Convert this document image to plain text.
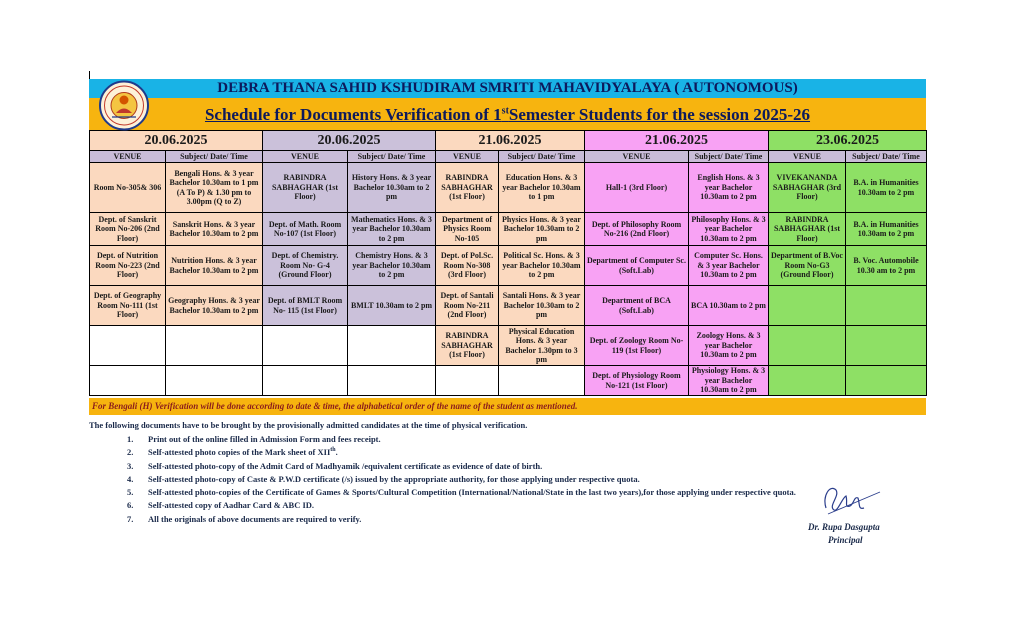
DEBRA THANA SAHID KSHUDIRAM SMRITI MAHAVIDYALAYA ( AUTONOMOUS)
Schedule for Documents Verification of 1stSemester Students for the session 2025-26
20.06.2025		20.06.2025		21.06.2025		21.06.2025		23.06.2025	
VENUE	Subject/ Date/ Time	VENUE	Subject/ Date/ Time	VENUE	Subject/ Date/ Time	VENUE	Subject/ Date/ Time	VENUE	Subject/ Date/ Time
Room No-305& 306	Bengali Hons. & 3 year Bachelor 10.30am to 1 pm (A To P) & 1.30 pm to 3.00pm (Q to Z)	RABINDRA SABHAGHAR (1st Floor)	History Hons. & 3 year Bachelor 10.30am to 2 pm	RABINDRA SABHAGHAR (1st Floor)	Education Hons. & 3 year Bachelor 10.30am to 1 pm	Hall-1 (3rd Floor)	English Hons. & 3 year Bachelor 10.30am to 2 pm	VIVEKANANDA SABHAGHAR (3rd Floor)	B.A. in Humanities 10.30am to 2 pm
Dept. of Sanskrit Room No-206 (2nd Floor)	Sanskrit Hons. & 3 year Bachelor 10.30am to 2 pm	Dept. of Math. Room No-107 (1st Floor)	Mathematics Hons. & 3 year Bachelor 10.30am to 2 pm	Department of Physics Room No-105	Physics Hons. & 3 year Bachelor 10.30am to 2 pm	Dept. of Philosophy Room No-216 (2nd Floor)	Philosophy Hons. & 3 year Bachelor 10.30am to 2 pm	RABINDRA SABHAGHAR (1st Floor)	B.A. in Humanities 10.30am to 2 pm
Dept. of Nutrition Room No-223 (2nd Floor)	Nutrition Hons. & 3 year Bachelor 10.30am to 2 pm	Dept. of Chemistry. Room No- G-4 (Ground Floor)	Chemistry Hons. & 3 year Bachelor 10.30am to 2 pm	Dept. of Pol.Sc. Room No-308 (3rd Floor)	Political Sc. Hons. & 3 year Bachelor 10.30am to 2 pm	Department of Computer Sc. (Soft.Lab)	Computer Sc. Hons. & 3 year Bachelor 10.30am to 2 pm	Department of B.Voc Room No-G3 (Ground Floor)	B. Voc. Automobile 10.30 am to 2 pm
Dept. of Geography Room No-111 (1st Floor)	Geography Hons. & 3 year Bachelor 10.30am to 2 pm	Dept. of BMLT Room No- 115 (1st Floor)	BMLT 10.30am to 2 pm	Dept. of Santali Room No-211 (2nd Floor)	Santali Hons. & 3 year Bachelor 10.30am to 2 pm	Department of BCA (Soft.Lab)	BCA 10.30am to 2 pm		
				RABINDRA SABHAGHAR (1st Floor)	Physical Education Hons. & 3 year Bachelor 1.30pm to 3 pm	Dept. of Zoology Room No-119 (1st Floor)	Zoology Hons. & 3 year Bachelor 10.30am to 2 pm		
						Dept. of Physiology Room No-121 (1st Floor)	Physiology Hons. & 3 year Bachelor 10.30am to 2 pm		
For Bengali (H) Verification will be done according to date & time, the alphabetical order of the name of the student as mentioned.
The following documents have to be brought by the provisionally admitted candidates at the time of physical verification.
1. Print out of the online filled in Admission Form and fees receipt.
2. Self-attested photo copies of the Mark sheet of XIIth.
3. Self-attested photo-copy of the Admit Card of Madhyamik /equivalent certificate as evidence of date of birth.
4. Self-attested photo-copy of Caste & P.W.D certificate (/s) issued by the appropriate authority, for those applying under respective quota.
5. Self-attested photo-copies of the Certificate of Games & Sports/Cultural Competition (International/National/State in the last two years),for those applying under respective quota.
6. Self-attested copy of Aadhar Card & ABC ID.
7. All the originals of above documents are required to verify.
Dr. Rupa Dasgupta
Principal
